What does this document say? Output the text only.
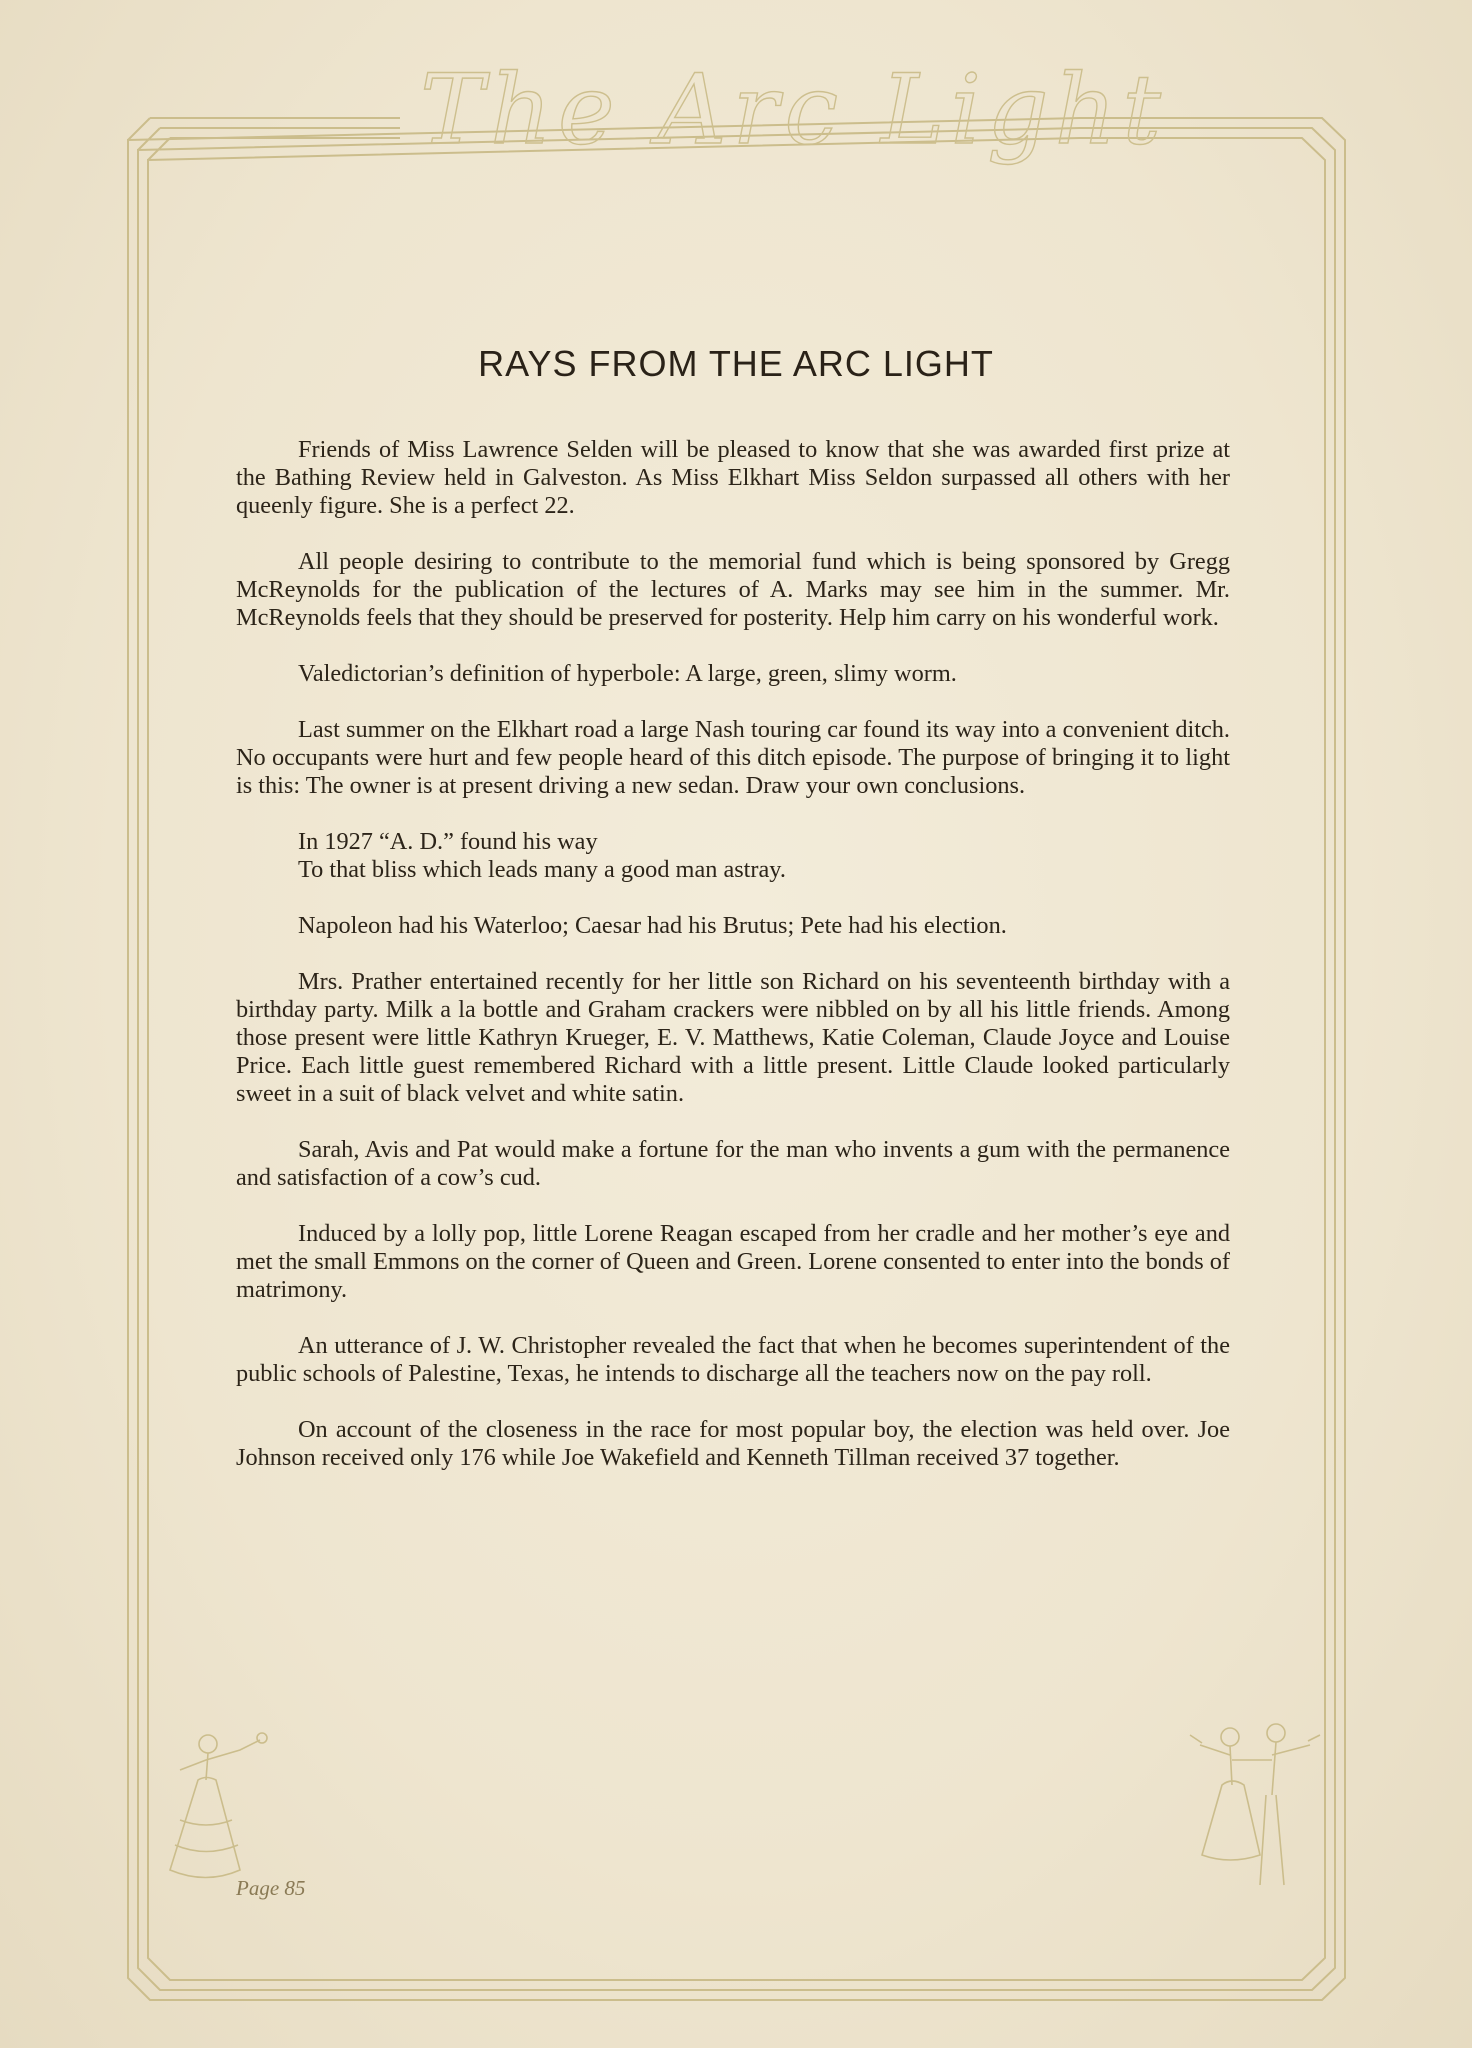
The Arc Light
RAYS FROM THE ARC LIGHT

Friends of Miss Lawrence Selden will be pleased to know that she was awarded first prize at the Bathing Review held in Galveston. As Miss Elkhart Miss Seldon surpassed all others with her queenly figure. She is a perfect 22.

All people desiring to contribute to the memorial fund which is being sponsored by Gregg McReynolds for the publication of the lectures of A. Marks may see him in the summer. Mr. McReynolds feels that they should be preserved for posterity. Help him carry on his wonderful work.

Valedictorian’s definition of hyperbole: A large, green, slimy worm.

Last summer on the Elkhart road a large Nash touring car found its way into a convenient ditch. No occupants were hurt and few people heard of this ditch episode. The purpose of bringing it to light is this: The owner is at present driving a new sedan. Draw your own conclusions.

In 1927 “A. D.” found his way

To that bliss which leads many a good man astray.

Napoleon had his Waterloo; Caesar had his Brutus; Pete had his election.

Mrs. Prather entertained recently for her little son Richard on his seventeenth birthday with a birthday party. Milk a la bottle and Graham crackers were nibbled on by all his little friends. Among those present were little Kathryn Krueger, E. V. Matthews, Katie Coleman, Claude Joyce and Louise Price. Each little guest remembered Richard with a little present. Little Claude looked particularly sweet in a suit of black velvet and white satin.

Sarah, Avis and Pat would make a fortune for the man who invents a gum with the permanence and satisfaction of a cow’s cud.

Induced by a lolly pop, little Lorene Reagan escaped from her cradle and her mother’s eye and met the small Emmons on the corner of Queen and Green. Lorene consented to enter into the bonds of matrimony.

An utterance of J. W. Christopher revealed the fact that when he becomes superintendent of the public schools of Palestine, Texas, he intends to discharge all the teachers now on the pay roll.

On account of the closeness in the race for most popular boy, the election was held over. Joe Johnson received only 176 while Joe Wakefield and Kenneth Tillman received 37 together.

Page 85
